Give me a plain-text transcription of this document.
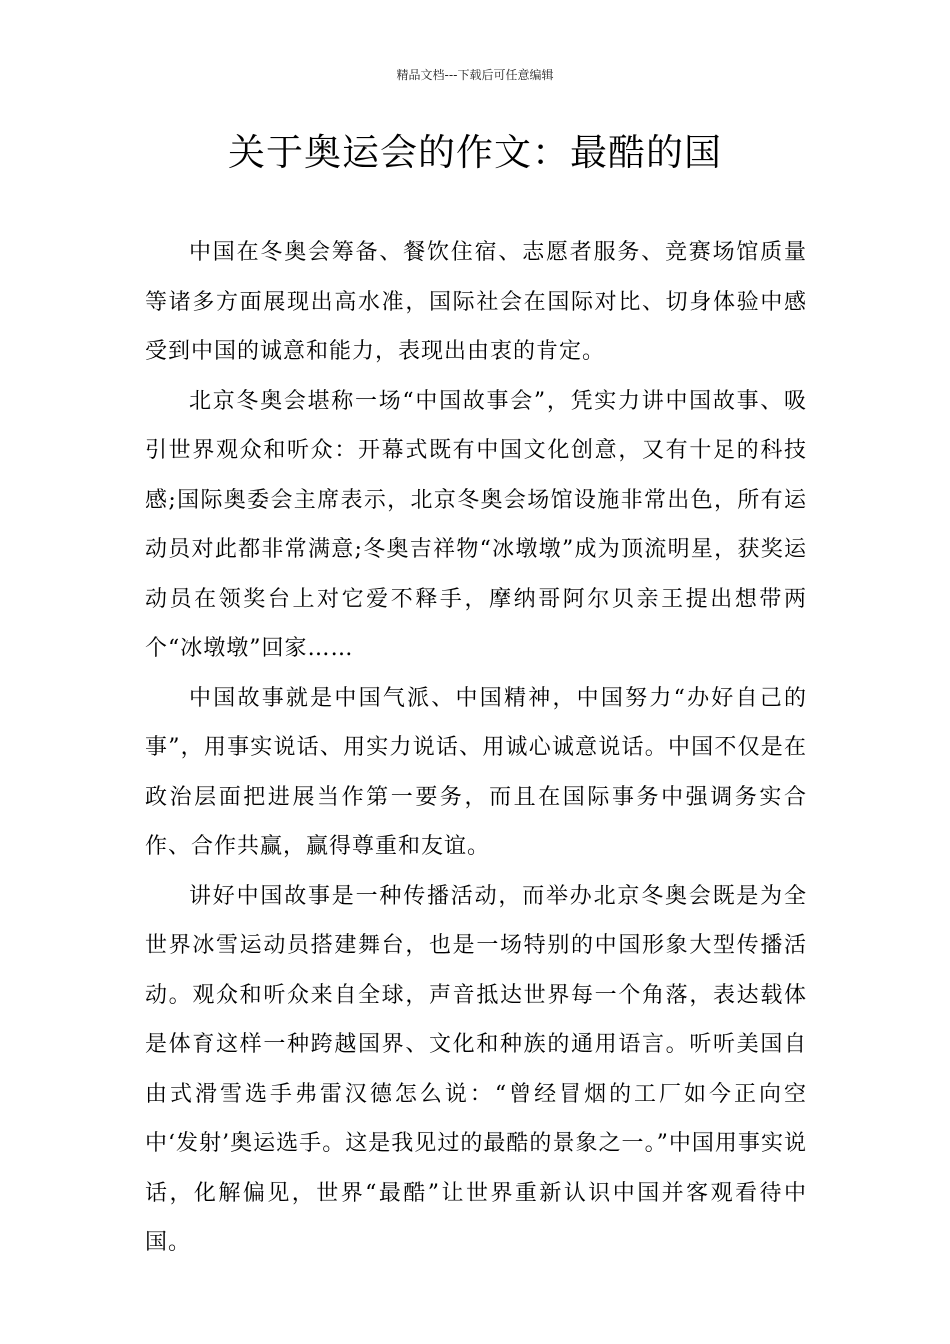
精品文档---下载后可任意编辑
关于奥运会的作文：最酷的国

中国在冬奥会筹备、餐饮住宿、志愿者服务、竞赛场馆质量等诸多方面展现出高水准，国际社会在国际对比、切身体验中感受到中国的诚意和能力，表现出由衷的肯定。

北京冬奥会堪称一场“中国故事会”，凭实力讲中国故事、吸引世界观众和听众：开幕式既有中国文化创意，又有十足的科技感;国际奥委会主席表示，北京冬奥会场馆设施非常出色，所有运动员对此都非常满意;冬奥吉祥物“冰墩墩”成为顶流明星，获奖运动员在领奖台上对它爱不释手，摩纳哥阿尔贝亲王提出想带两个“冰墩墩”回家……

中国故事就是中国气派、中国精神，中国努力“办好自己的事”，用事实说话、用实力说话、用诚心诚意说话。中国不仅是在政治层面把进展当作第一要务，而且在国际事务中强调务实合作、合作共赢，赢得尊重和友谊。

讲好中国故事是一种传播活动，而举办北京冬奥会既是为全世界冰雪运动员搭建舞台，也是一场特别的中国形象大型传播活动。观众和听众来自全球，声音抵达世界每一个角落，表达载体是体育这样一种跨越国界、文化和种族的通用语言。听听美国自由式滑雪选手弗雷汉德怎么说：“曾经冒烟的工厂如今正向空中‘发射’奥运选手。这是我见过的最酷的景象之一。”中国用事实说话，化解偏见，世界“最酷”让世界重新认识中国并客观看待中国。
